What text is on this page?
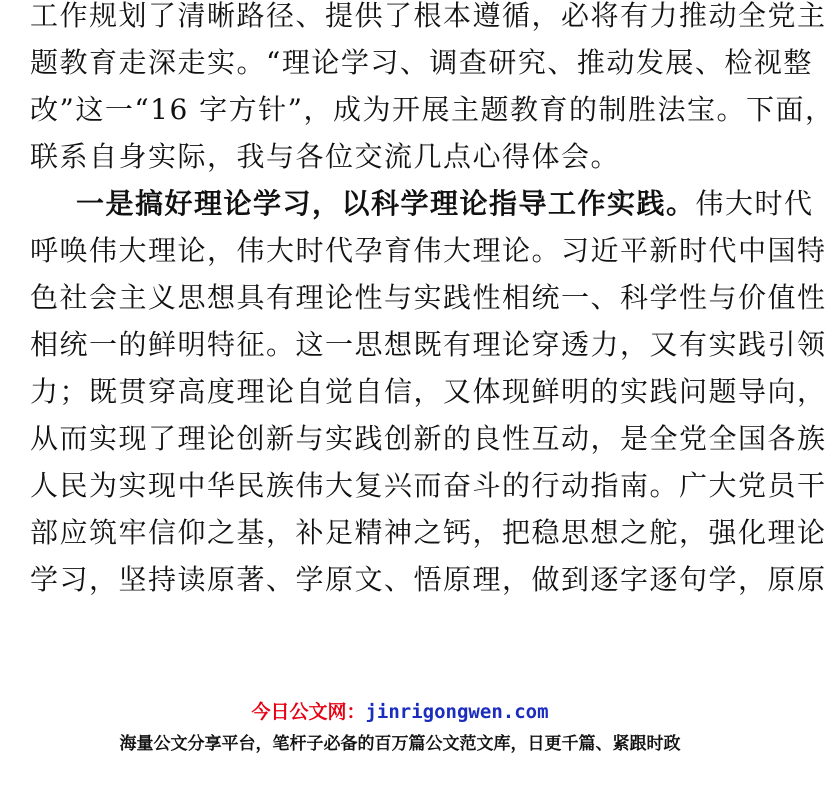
工作规划了清晰路径、提供了根本遵循，必将有力推动全党主
题教育走深走实。“理论学习、调查研究、推动发展、检视整
改”这一“16 字方针”，成为开展主题教育的制胜法宝。下面，
联系自身实际，我与各位交流几点心得体会。
一是搞好理论学习，以科学理论指导工作实践。伟大时代
呼唤伟大理论，伟大时代孕育伟大理论。习近平新时代中国特
色社会主义思想具有理论性与实践性相统一、科学性与价值性
相统一的鲜明特征。这一思想既有理论穿透力，又有实践引领
力；既贯穿高度理论自觉自信，又体现鲜明的实践问题导向，
从而实现了理论创新与实践创新的良性互动，是全党全国各族
人民为实现中华民族伟大复兴而奋斗的行动指南。广大党员干
部应筑牢信仰之基，补足精神之钙，把稳思想之舵，强化理论
学习，坚持读原著、学原文、悟原理，做到逐字逐句学，原原
今日公文网：jinrigongwen.com
海量公文分享平台，笔杆子必备的百万篇公文范文库，日更千篇、紧跟时政
